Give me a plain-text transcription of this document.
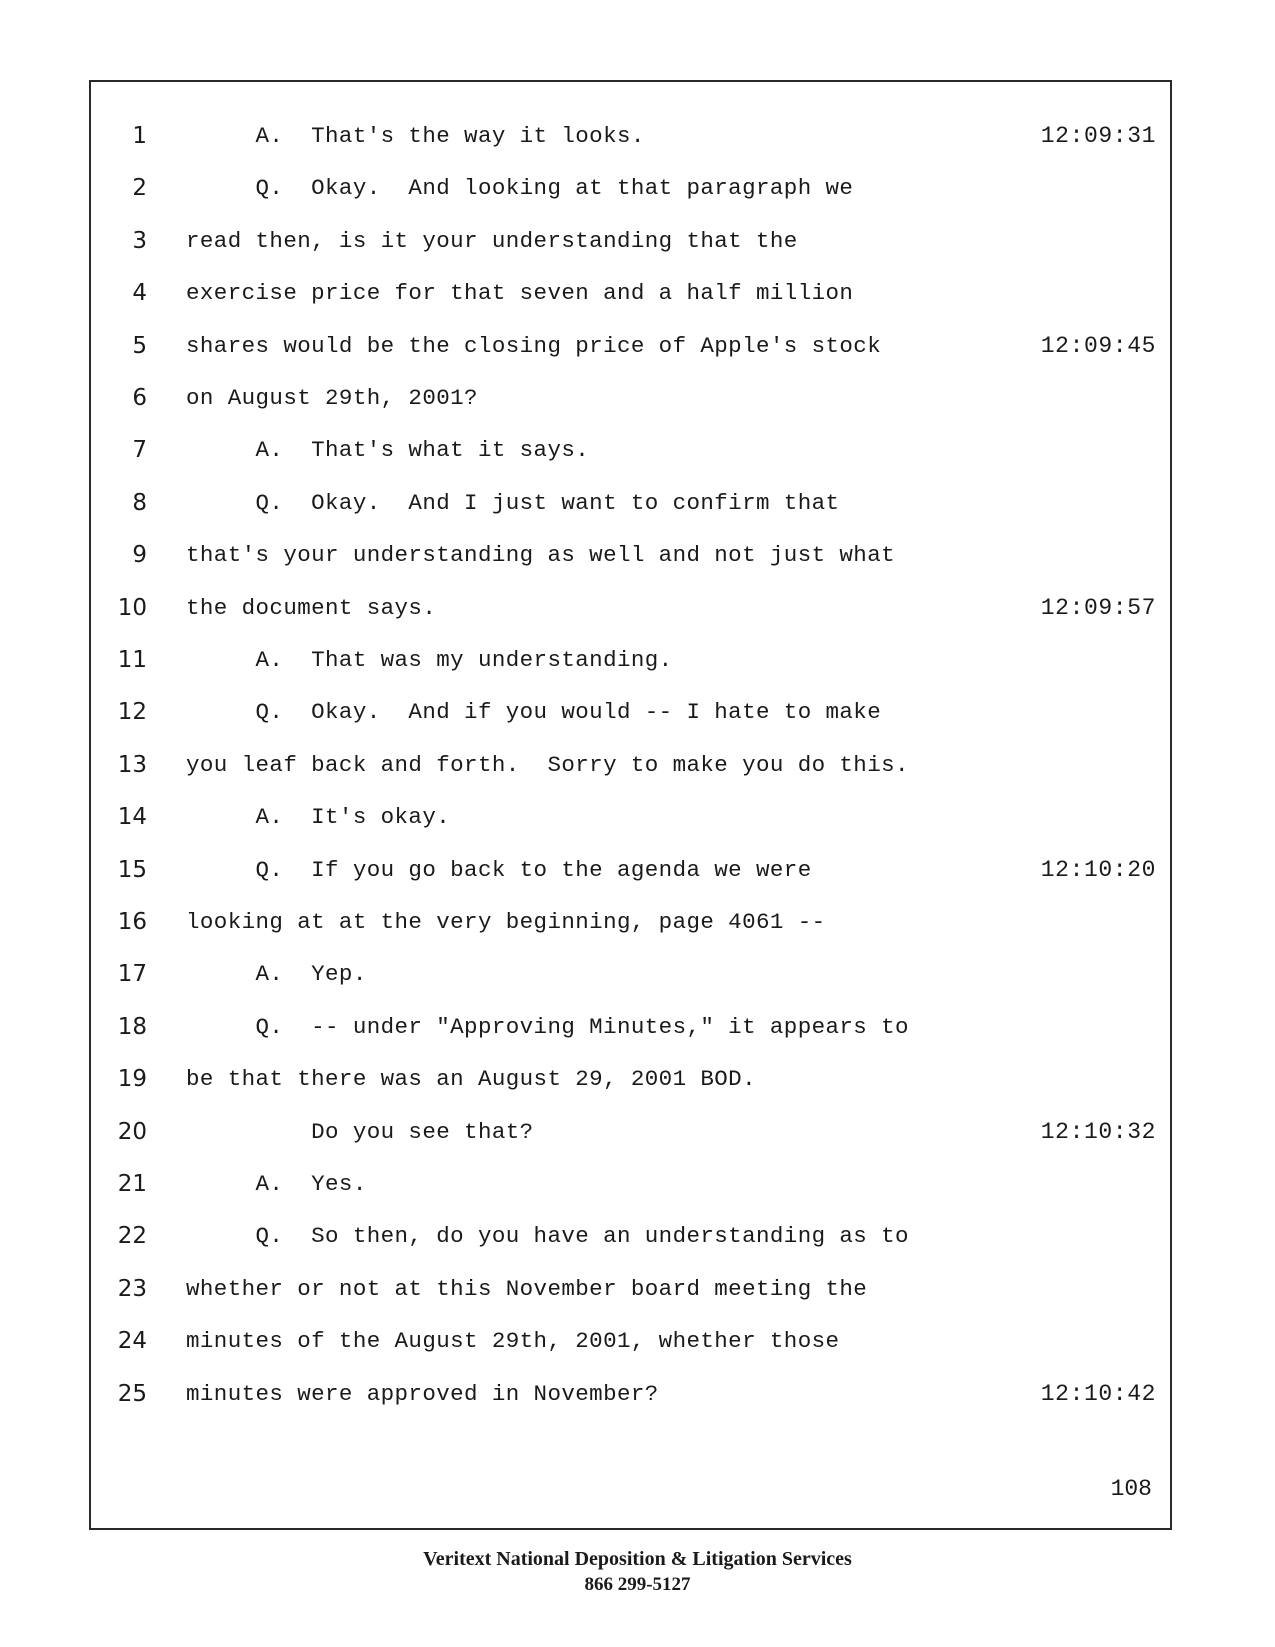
108
1 A.  That's the way it looks.	12:09:31
2 Q.  Okay.  And looking at that paragraph we
3 read then, is it your understanding that the
4 exercise price for that seven and a half million
5 shares would be the closing price of Apple's stock	12:09:45
6 on August 29th, 2001?
7 A.  That's what it says.
8 Q.  Okay.  And I just want to confirm that
9 that's your understanding as well and not just what
10 the document says.	12:09:57
11 A.  That was my understanding.
12 Q.  Okay.  And if you would -- I hate to make
13 you leaf back and forth.  Sorry to make you do this.
14 A.  It's okay.
15 Q.  If you go back to the agenda we were	12:10:20
16 looking at at the very beginning, page 4061 --
17 A.  Yep.
18 Q.  -- under "Approving Minutes," it appears to
19 be that there was an August 29, 2001 BOD.
20 Do you see that?	12:10:32
21 A.  Yes.
22 Q.  So then, do you have an understanding as to
23 whether or not at this November board meeting the
24 minutes of the August 29th, 2001, whether those
25 minutes were approved in November?	12:10:42
Veritext National Deposition & Litigation Services
866 299-5127
